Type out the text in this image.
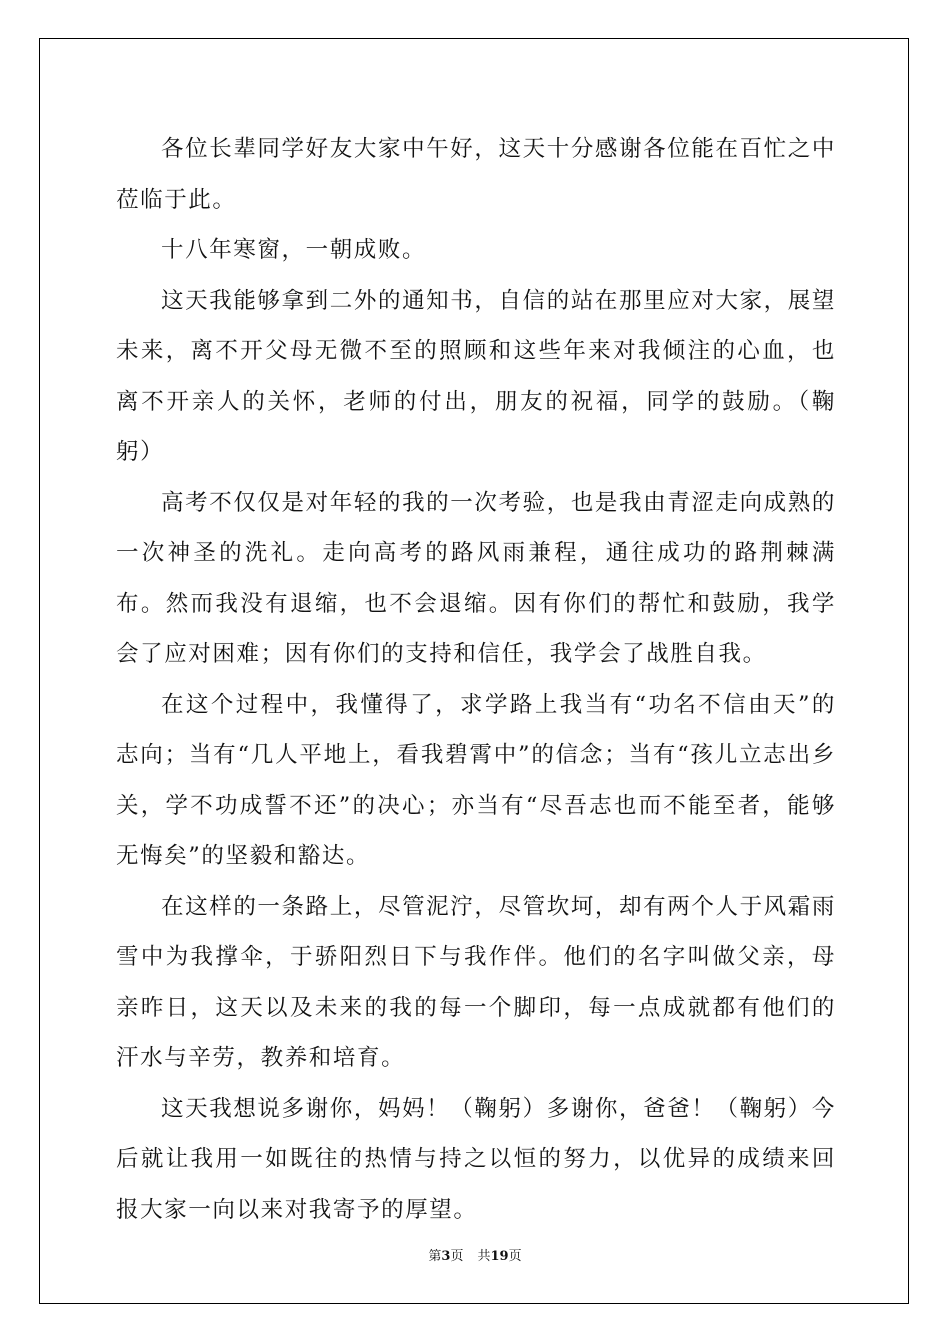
各位长辈同学好友大家中午好，这天十分感谢各位能在百忙之中莅临于此。

十八年寒窗，一朝成败。

这天我能够拿到二外的通知书，自信的站在那里应对大家，展望未来，离不开父母无微不至的照顾和这些年来对我倾注的心血，也离不开亲人的关怀，老师的付出，朋友的祝福，同学的鼓励。（鞠躬）

高考不仅仅是对年轻的我的一次考验，也是我由青涩走向成熟的一次神圣的洗礼。走向高考的路风雨兼程，通往成功的路荆棘满布。然而我没有退缩，也不会退缩。因有你们的帮忙和鼓励，我学会了应对困难；因有你们的支持和信任，我学会了战胜自我。

在这个过程中，我懂得了，求学路上我当有“功名不信由天”的志向；当有“几人平地上，看我碧霄中”的信念；当有“孩儿立志出乡关，学不功成誓不还”的决心；亦当有“尽吾志也而不能至者，能够无悔矣”的坚毅和豁达。

在这样的一条路上，尽管泥泞，尽管坎坷，却有两个人于风霜雨雪中为我撑伞，于骄阳烈日下与我作伴。他们的名字叫做父亲，母亲昨日，这天以及未来的我的每一个脚印，每一点成就都有他们的汗水与辛劳，教养和培育。

这天我想说多谢你，妈妈！（鞠躬）多谢你，爸爸！（鞠躬）今后就让我用一如既往的热情与持之以恒的努力，以优异的成绩来回报大家一向以来对我寄予的厚望。

第3页 共19页
